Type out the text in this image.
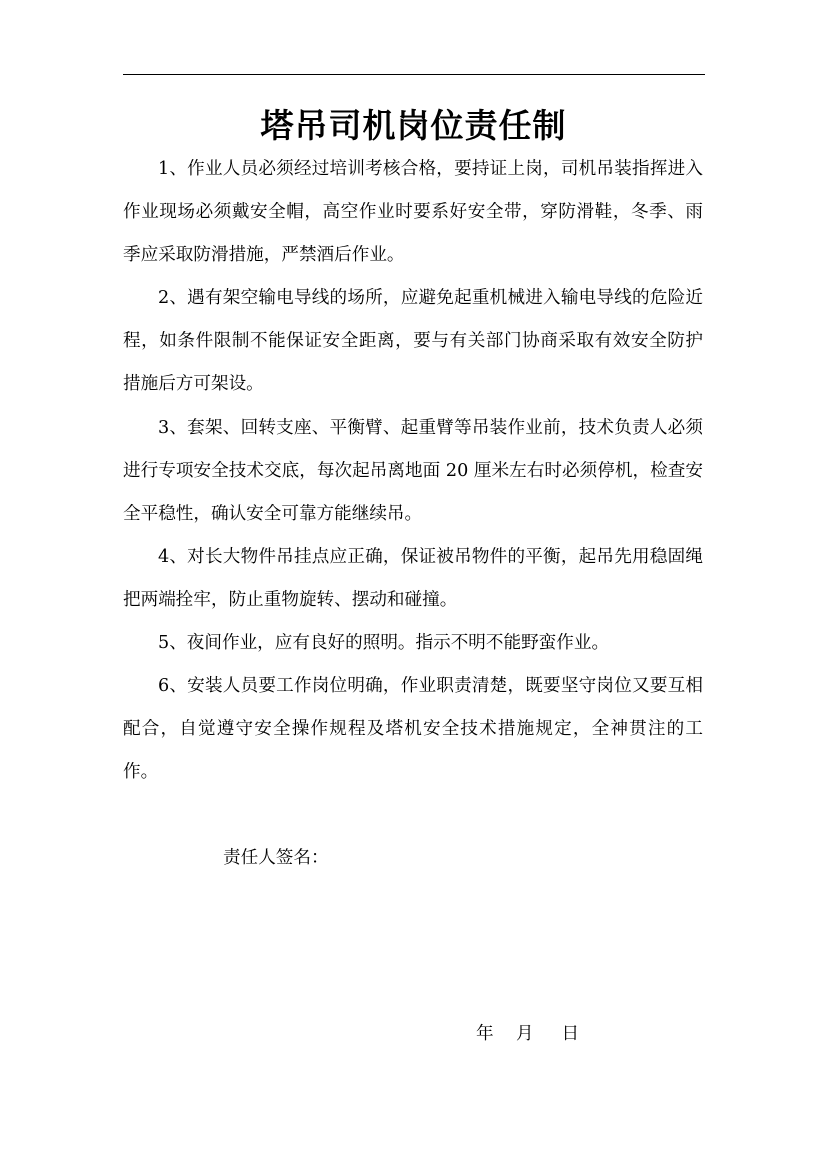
塔吊司机岗位责任制

1、作业人员必须经过培训考核合格，要持证上岗，司机吊装指挥进入作业现场必须戴安全帽，高空作业时要系好安全带，穿防滑鞋，冬季、雨季应采取防滑措施，严禁酒后作业。

2、遇有架空输电导线的场所，应避免起重机械进入输电导线的危险近程，如条件限制不能保证安全距离，要与有关部门协商采取有效安全防护措施后方可架设。

3、套架、回转支座、平衡臂、起重臂等吊装作业前，技术负责人必须进行专项安全技术交底，每次起吊离地面 20 厘米左右时必须停机，检查安全平稳性，确认安全可靠方能继续吊。

4、对长大物件吊挂点应正确，保证被吊物件的平衡，起吊先用稳固绳把两端拴牢，防止重物旋转、摆动和碰撞。

5、夜间作业，应有良好的照明。指示不明不能野蛮作业。

6、安装人员要工作岗位明确，作业职责清楚，既要坚守岗位又要互相配合，自觉遵守安全操作规程及塔机安全技术措施规定，全神贯注的工作。

责任人签名：

年    月     日
